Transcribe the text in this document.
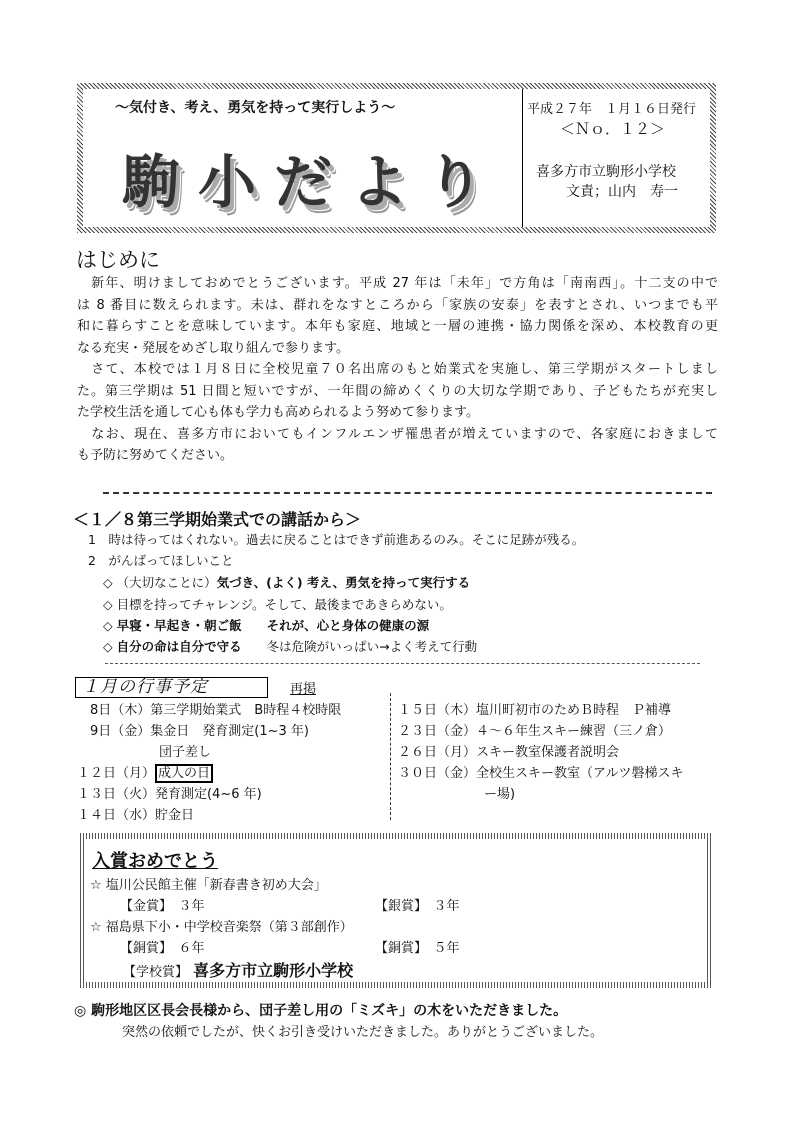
～気付き、考え、勇気を持って実行しよう～
駒小だより
平成２７年　１月１６日発行
＜Ｎｏ．１２＞
喜多方市立駒形小学校
文責；山内　寿一
はじめに
　新年、明けましておめでとうございます。平成 27 年は「未年」で方角は「南南西」。十二支の中で
は 8 番目に数えられます。未は、群れをなすところから「家族の安泰」を表すとされ、いつまでも平
和に暮らすことを意味しています。本年も家庭、地域と一層の連携・協力関係を深め、本校教育の更
なる充実・発展をめざし取り組んで参ります。
　さて、本校では１月８日に全校児童７０名出席のもと始業式を実施し、第三学期がスタートしまし
た。第三学期は 51 日間と短いですが、一年間の締めくくりの大切な学期であり、子どもたちが充実し
た学校生活を通して心も体も学力も高められるよう努めて参ります。
　なお、現在、喜多方市においてもインフルエンザ罹患者が増えていますので、各家庭におきまして
も予防に努めてください。
＜１／８第三学期始業式での講話から＞
1　時は待ってはくれない。過去に戻ることはできず前進あるのみ。そこに足跡が残る。
2　がんばってほしいこと
◇ （大切なことに）気づき、(よく) 考え、勇気を持って実行する
◇ 目標を持ってチャレンジ。そして、最後まであきらめない。
◇ 早寝・早起き・朝ご飯　　それが、心と身体の健康の源
◇ 自分の命は自分で守る　　冬は危険がいっぱい→よく考えて行動
１月の行事予定	再掲
　8日（木）第三学期始業式　B時程４校時限
　9日（金）集金日　発育測定(1~3 年)
団子差し
１２日（月） 成人の日
１３日（火）発育測定(4~6 年)
１４日（水）貯金日
１５日（木）塩川町初市のためＢ時程　Ｐ補導
２３日（金）４～６年生スキー練習（三ノ倉）
２６日（月）スキー教室保護者説明会
３０日（金）全校生スキー教室（アルツ磐梯スキ
ー場)
入賞おめでとう
☆ 塩川公民館主催「新春書き初め大会」
【金賞】　３年	【銀賞】　３年
☆ 福島県下小・中学校音楽祭（第３部創作）
【銅賞】　６年	【銅賞】　５年
【学校賞】 喜多方市立駒形小学校
◎ 駒形地区区長会長様から、団子差し用の「ミズキ」の木をいただきました。
突然の依頼でしたが、快くお引き受けいただきました。ありがとうございました。
